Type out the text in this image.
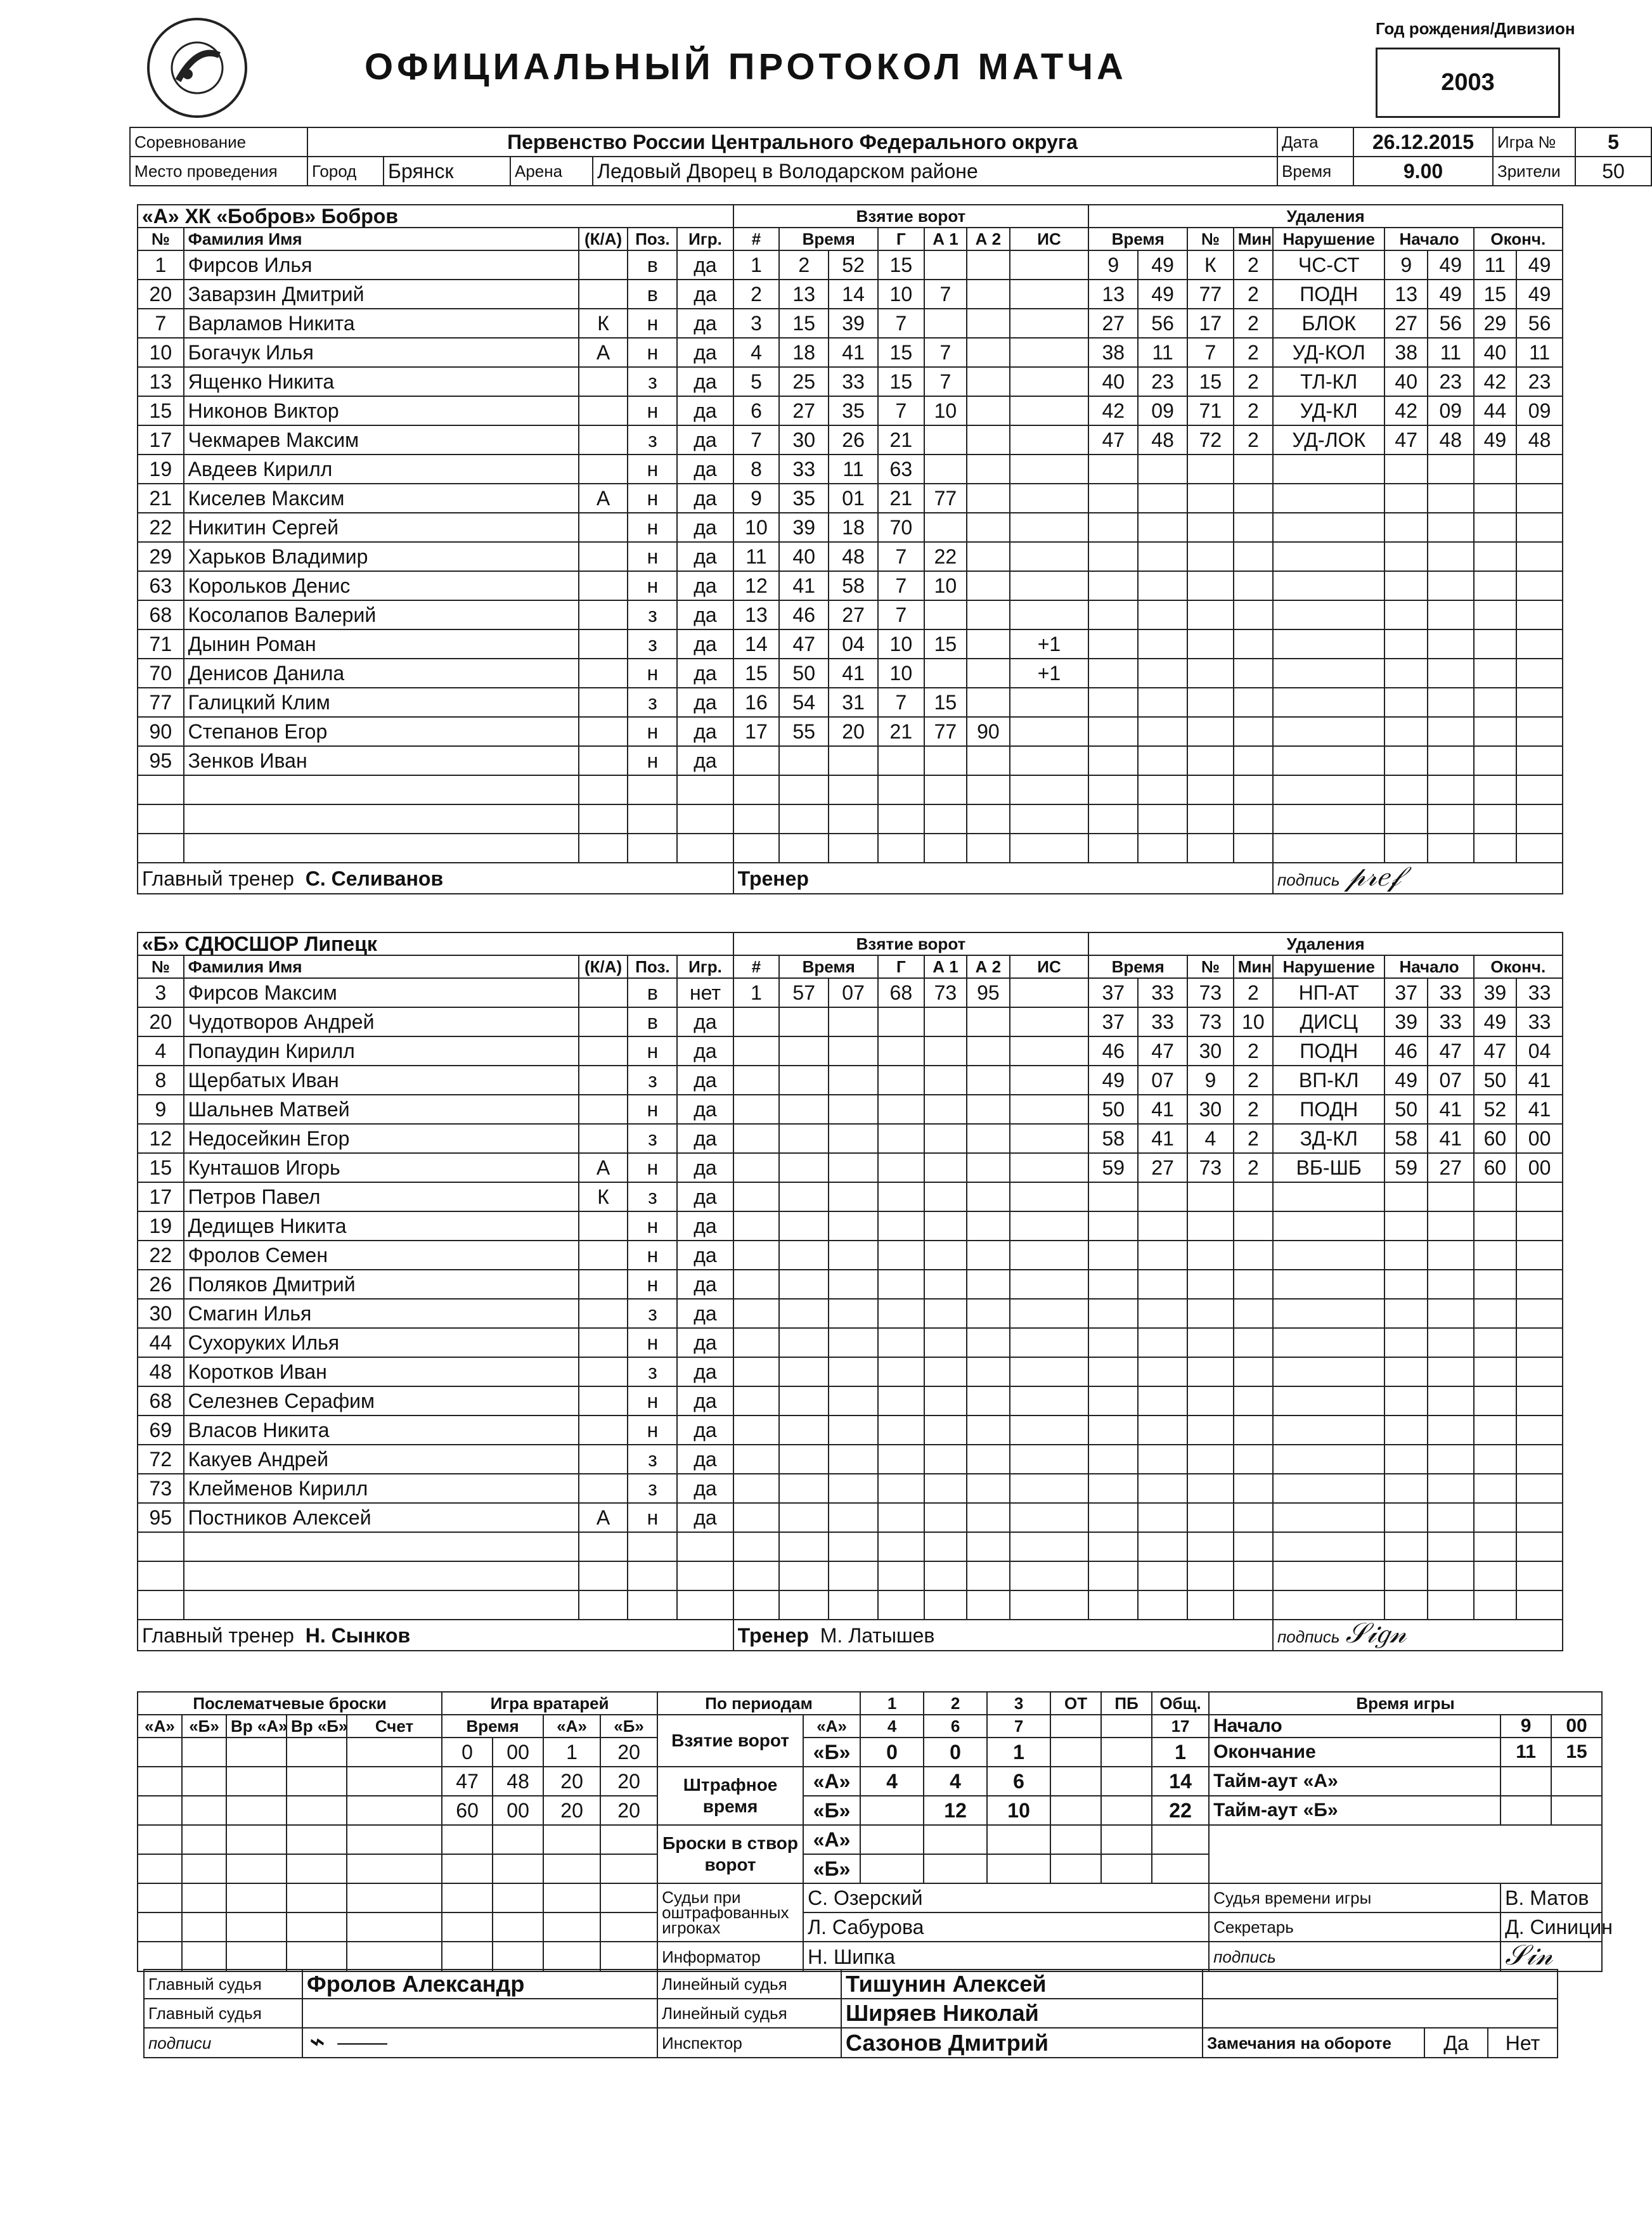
ОФИЦИАЛЬНЫЙ ПРОТОКОЛ МАТЧА
Год рождения/Дивизион
2003
Соревнование	Первенство России Центрального Федерального округа				Дата	26.12.2015	Игра №	5
Место проведения	Город	Брянск	Арена	Ледовый Дворец в Володарском районе	Время	9.00	Зрители	50
«А» ХК «Бобров» Бобров					Взятие ворот							Удаления								
№	Фамилия Имя	(К/А)	Поз.	Игр.	#	Время		Г	А 1	А 2	ИС	Время		№	Мин	Нарушение	Начало		Оконч.	
1	Фирсов Илья		в	да	1	2	52	15				9	49	К	2	ЧС-СТ	9	49	11	49
20	Заварзин Дмитрий		в	да	2	13	14	10	7			13	49	77	2	ПОДН	13	49	15	49
7	Варламов Никита	К	н	да	3	15	39	7				27	56	17	2	БЛОК	27	56	29	56
10	Богачук Илья	А	н	да	4	18	41	15	7			38	11	7	2	УД-КОЛ	38	11	40	11
13	Ященко Никита		з	да	5	25	33	15	7			40	23	15	2	ТЛ-КЛ	40	23	42	23
15	Никонов Виктор		н	да	6	27	35	7	10			42	09	71	2	УД-КЛ	42	09	44	09
17	Чекмарев Максим		з	да	7	30	26	21				47	48	72	2	УД-ЛОК	47	48	49	48
19	Авдеев Кирилл		н	да	8	33	11	63												
21	Киселев Максим	А	н	да	9	35	01	21	77											
22	Никитин Сергей		н	да	10	39	18	70												
29	Харьков Владимир		н	да	11	40	48	7	22											
63	Корольков Денис		н	да	12	41	58	7	10											
68	Косолапов Валерий		з	да	13	46	27	7												
71	Дынин Роман		з	да	14	47	04	10	15		+1									
70	Денисов Данила		н	да	15	50	41	10			+1									
77	Галицкий Клим		з	да	16	54	31	7	15											
90	Степанов Егор		н	да	17	55	20	21	77	90										
95	Зенков Иван		н	да																

Главный тренер С. Селиванов					Тренер											подпись 𝓅𝓇𝑒𝒻				
«Б» СДЮСШОР Липецк					Взятие ворот							Удаления								
№	Фамилия Имя	(К/А)	Поз.	Игр.	#	Время		Г	А 1	А 2	ИС	Время		№	Мин	Нарушение	Начало		Оконч.	
3	Фирсов Максим		в	нет	1	57	07	68	73	95		37	33	73	2	НП-АТ	37	33	39	33
20	Чудотворов Андрей		в	да								37	33	73	10	ДИСЦ	39	33	49	33
4	Попаудин Кирилл		н	да								46	47	30	2	ПОДН	46	47	47	04
8	Щербатых Иван		з	да								49	07	9	2	ВП-КЛ	49	07	50	41
9	Шальнев Матвей		н	да								50	41	30	2	ПОДН	50	41	52	41
12	Недосейкин Егор		з	да								58	41	4	2	ЗД-КЛ	58	41	60	00
15	Кунташов Игорь	А	н	да								59	27	73	2	ВБ-ШБ	59	27	60	00
17	Петров Павел	К	з	да																
19	Дедищев Никита		н	да																
22	Фролов Семен		н	да																
26	Поляков Дмитрий		н	да																
30	Смагин Илья		з	да																
44	Сухоруких Илья		н	да																
48	Коротков Иван		з	да																
68	Селезнев Серафим		н	да																
69	Власов Никита		н	да																
72	Какуев Андрей		з	да																
73	Клейменов Кирилл		з	да																
95	Постников Алексей	А	н	да																

Главный тренер Н. Сынков					Тренер М. Латышев											подпись 𝒮𝒾𝑔𝓃				
Послематчевые броски					Игра вратарей				По периодам		1	2	3	ОТ	ПБ	Общ.	Время игры		
«А»	«Б»	Вр «А»	Вр «Б»	Счет	Время		«А»	«Б»	Взятие ворот	«А»	4	6	7			17	Начало	9	00
					0	00	1	20		«Б»	0	0	1			1	Окончание	11	15
					47	48	20	20	Штрафное время	«А»	4	4	6			14	Тайм-аут «А»		
					60	00	20	20		«Б»		12	10			22	Тайм-аут «Б»		
									Броски в створ ворот	«А»									
										«Б»									
									Судьи при оштрафованных игроках	С. Озерский							Судья времени игры	В. Матов	
										Л. Сабурова							Секретарь	Д. Синицин	
									Информатор	Н. Шипка							подпись	𝒮𝒾𝓃	
Главный судья	Фролов Александр	Линейный судья	Тишунин Алексей			
Главный судья		Линейный судья	Ширяев Николай			
подписи	⌁  ——	Инспектор	Сазонов Дмитрий	Замечания на обороте	Да	Нет
